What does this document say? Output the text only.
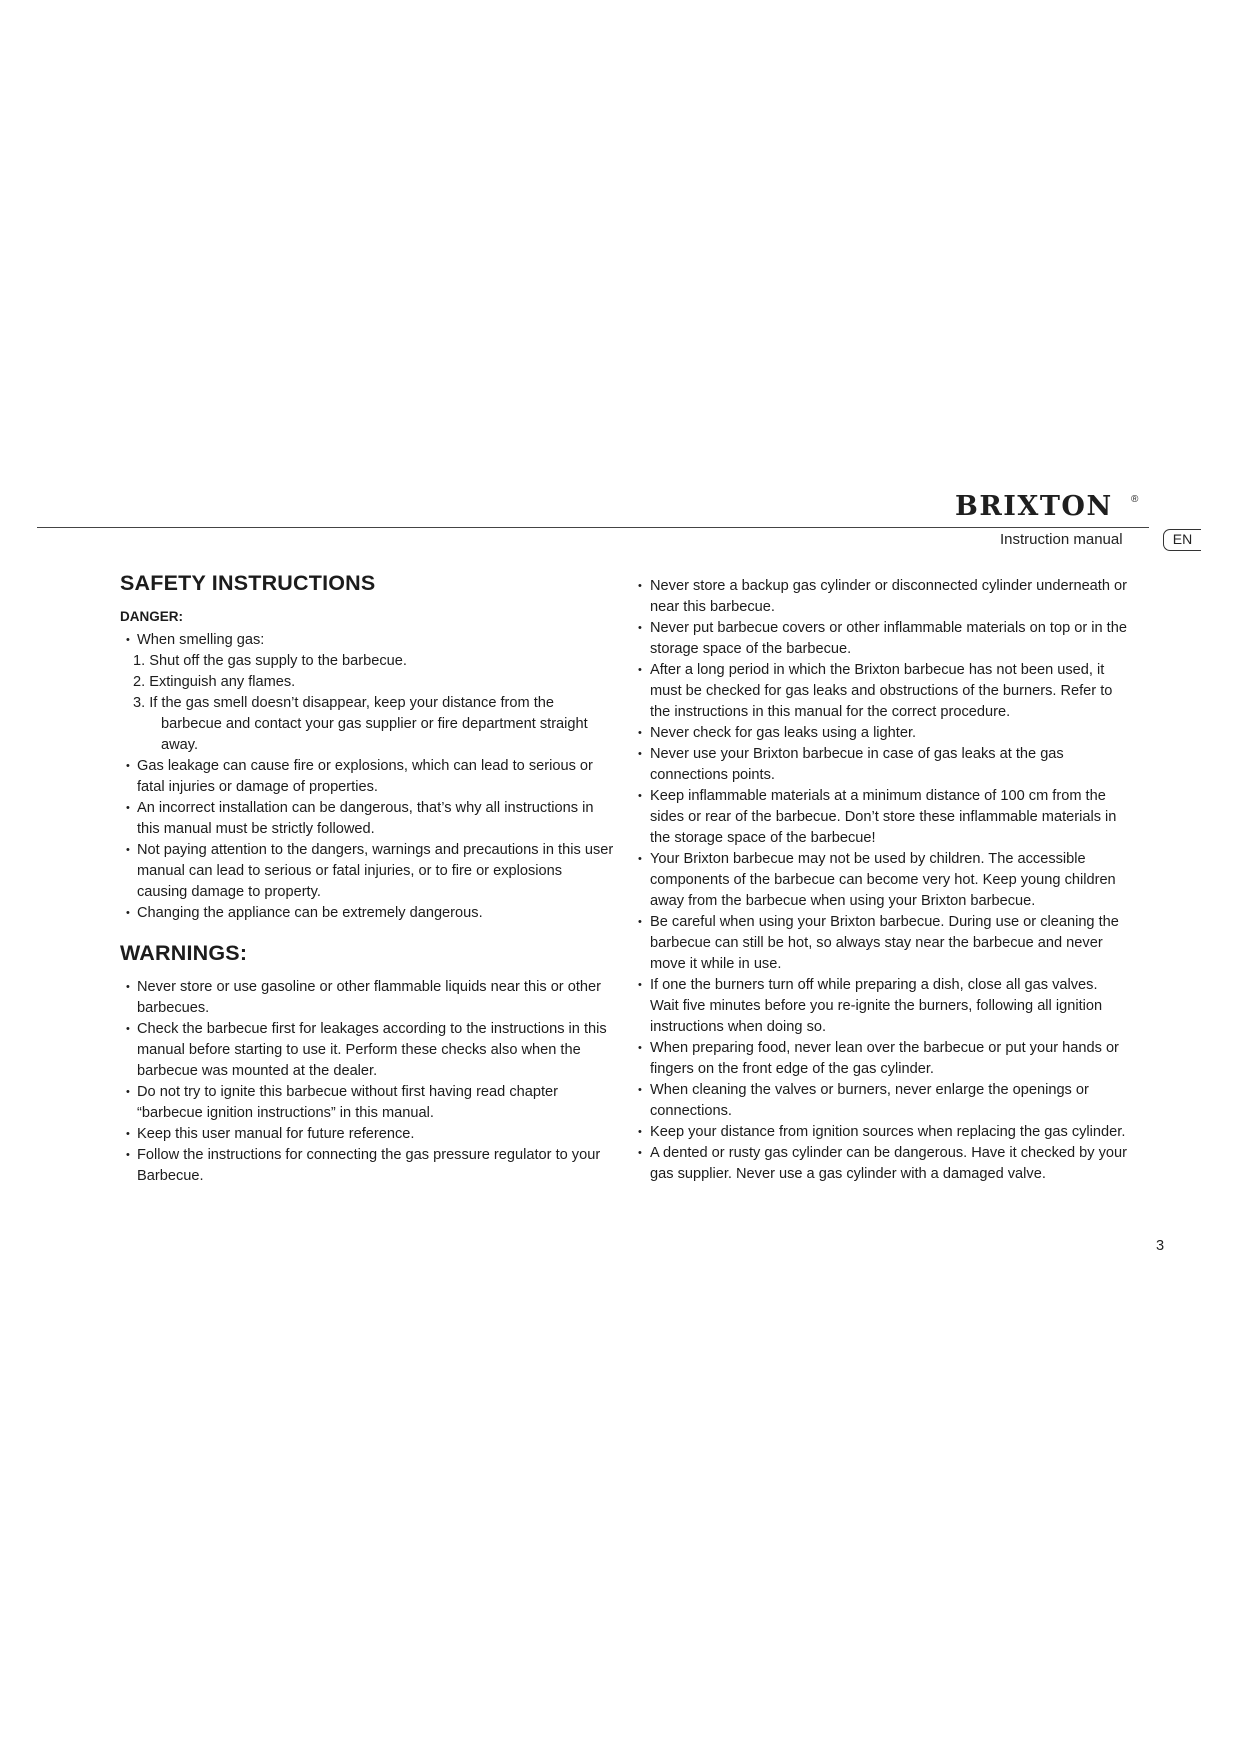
BRIXTON ®
Instruction manual	EN
SAFETY INSTRUCTIONS
DANGER:
• When smelling gas:
1. Shut off the gas supply to the barbecue.
2. Extinguish any flames.
3. If the gas smell doesn’t disappear, keep your distance from the barbecue and contact your gas supplier or fire department straight away.
• Gas leakage can cause fire or explosions, which can lead to serious or fatal injuries or damage of properties.
• An incorrect installation can be dangerous, that’s why all instructions in this manual must be strictly followed.
• Not paying attention to the dangers, warnings and precautions in this user manual can lead to serious or fatal injuries, or to fire or explosions causing damage to property.
• Changing the appliance can be extremely dangerous.
WARNINGS:
• Never store or use gasoline or other flammable liquids near this or other barbecues.
• Check the barbecue first for leakages according to the instructions in this manual before starting to use it. Perform these checks also when the barbecue was mounted at the dealer.
• Do not try to ignite this barbecue without first having read chapter “barbecue ignition instructions” in this manual.
• Keep this user manual for future reference.
• Follow the instructions for connecting the gas pressure regulator to your Barbecue.
• Never store a backup gas cylinder or disconnected cylinder underneath or near this barbecue.
• Never put barbecue covers or other inflammable materials on top or in the storage space of the barbecue.
• After a long period in which the Brixton barbecue has not been used, it must be checked for gas leaks and obstructions of the burners. Refer to the instructions in this manual for the correct procedure.
• Never check for gas leaks using a lighter.
• Never use your Brixton barbecue in case of gas leaks at the gas connections points.
• Keep inflammable materials at a minimum distance of 100 cm from the sides or rear of the barbecue. Don’t store these inflammable materials in the storage space of the barbecue!
• Your Brixton barbecue may not be used by children. The accessible components of the barbecue can become very hot. Keep young children away from the barbecue when using your Brixton barbecue.
• Be careful when using your Brixton barbecue. During use or cleaning the barbecue can still be hot, so always stay near the barbecue and never move it while in use.
• If one the burners turn off while preparing a dish, close all gas valves. Wait five minutes before you re-ignite the burners, following all ignition instructions when doing so.
• When preparing food, never lean over the barbecue or put your hands or fingers on the front edge of the gas cylinder.
• When cleaning the valves or burners, never enlarge the openings or connections.
• Keep your distance from ignition sources when replacing the gas cylinder.
• A dented or rusty gas cylinder can be dangerous. Have it checked by your gas supplier. Never use a gas cylinder with a damaged valve.
3
